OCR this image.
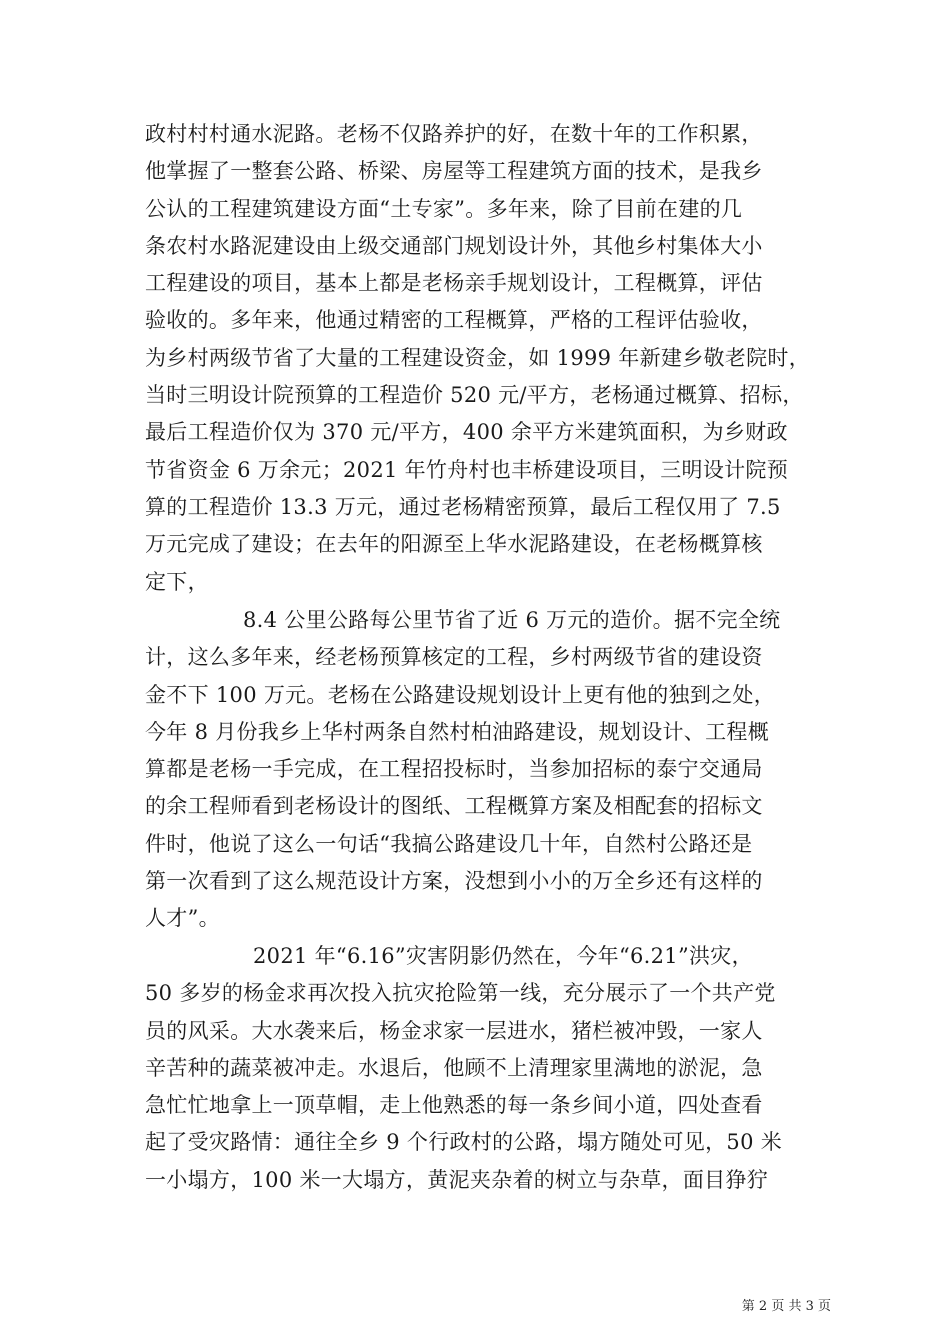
政村村村通水泥路。老杨不仅路养护的好，在数十年的工作积累，
他掌握了一整套公路、桥梁、房屋等工程建筑方面的技术，是我乡
公认的工程建筑建设方面“土专家”。多年来，除了目前在建的几
条农村水路泥建设由上级交通部门规划设计外，其他乡村集体大小
工程建设的项目，基本上都是老杨亲手规划设计，工程概算，评估
验收的。多年来，他通过精密的工程概算，严格的工程评估验收，
为乡村两级节省了大量的工程建设资金，如 1999 年新建乡敬老院时，
当时三明设计院预算的工程造价 520 元/平方，老杨通过概算、招标，
最后工程造价仅为 370 元/平方，400 余平方米建筑面积，为乡财政
节省资金 6 万余元；2021 年竹舟村也丰桥建设项目，三明设计院预
算的工程造价 13.3 万元，通过老杨精密预算，最后工程仅用了 7.5
万元完成了建设；在去年的阳源至上华水泥路建设，在老杨概算核
定下，
8.4 公里公路每公里节省了近 6 万元的造价。据不完全统
计，这么多年来，经老杨预算核定的工程，乡村两级节省的建设资
金不下 100 万元。老杨在公路建设规划设计上更有他的独到之处，
今年 8 月份我乡上华村两条自然村柏油路建设，规划设计、工程概
算都是老杨一手完成，在工程招投标时，当参加招标的泰宁交通局
的余工程师看到老杨设计的图纸、工程概算方案及相配套的招标文
件时，他说了这么一句话“我搞公路建设几十年，自然村公路还是
第一次看到了这么规范设计方案，没想到小小的万全乡还有这样的
人才”。
2021 年“6.16”灾害阴影仍然在，今年“6.21”洪灾，
50 多岁的杨金求再次投入抗灾抢险第一线，充分展示了一个共产党
员的风采。大水袭来后，杨金求家一层进水，猪栏被冲毁，一家人
辛苦种的蔬菜被冲走。水退后，他顾不上清理家里满地的淤泥，急
急忙忙地拿上一顶草帽，走上他熟悉的每一条乡间小道，四处查看
起了受灾路情：通往全乡 9 个行政村的公路，塌方随处可见，50 米
一小塌方，100 米一大塌方，黄泥夹杂着的树立与杂草，面目狰狞
第 2 页 共 3 页
